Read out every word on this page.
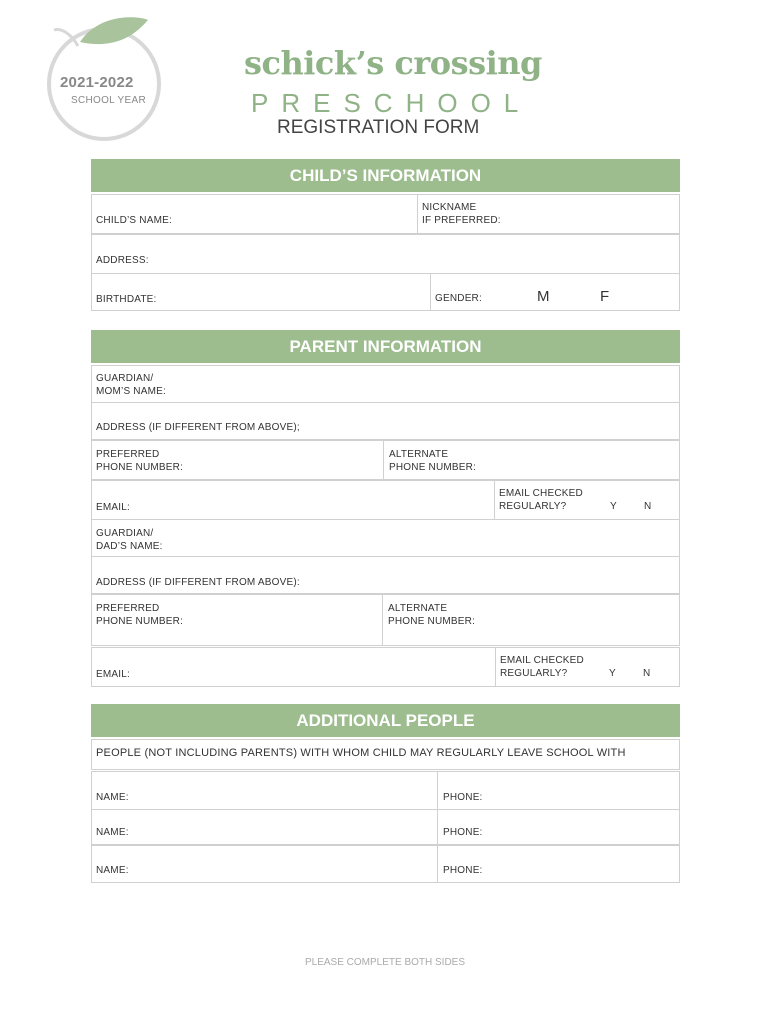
2021-2022
SCHOOL YEAR
schick’s crossing
PRESCHOOL
REGISTRATION FORM
CHILD’S INFORMATION
CHILD’S NAME:
NICKNAME
IF PREFERRED:
ADDRESS:
BIRTHDATE:	GENDER:	M	F
PARENT INFORMATION
GUARDIAN/
MOM’S NAME:
ADDRESS (IF DIFFERENT FROM ABOVE);
PREFERRED
PHONE NUMBER:
ALTERNATE
PHONE NUMBER:
EMAIL:
EMAIL CHECKED
REGULARLY?	Y	N
GUARDIAN/
DAD’S NAME:
ADDRESS (IF DIFFERENT FROM ABOVE):
PREFERRED
PHONE NUMBER:
ALTERNATE
PHONE NUMBER:
EMAIL:
EMAIL CHECKED
REGULARLY?	Y	N
ADDITIONAL PEOPLE
PEOPLE (NOT INCLUDING PARENTS) WITH WHOM CHILD MAY REGULARLY LEAVE SCHOOL WITH
NAME:	PHONE:
NAME:	PHONE:
NAME:	PHONE:
PLEASE COMPLETE BOTH SIDES
